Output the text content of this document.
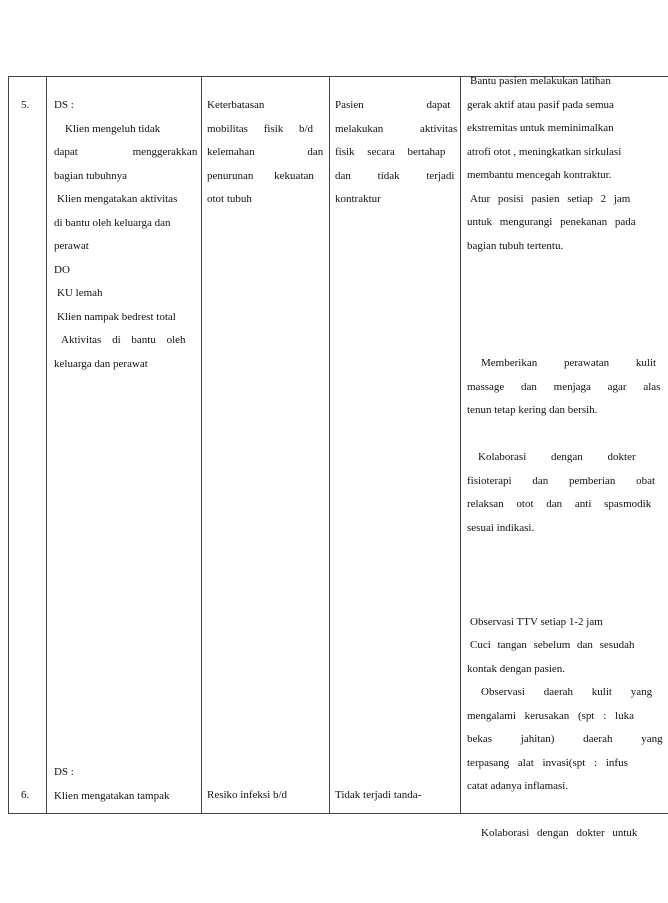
5. DS :

Klien mengeluh tidak

dapat menggerakkan

bagian tubuhnya

Klien mengatakan aktivitas

di bantu oleh keluarga dan

perawat

DO

KU lemah

Klien nampak bedrest total

Aktivitas di bantu oleh

keluarga dan perawat

Keterbatasan

mobilitas fisik b/d

kelemahan dan

penurunan kekuatan

otot tubuh

Pasien dapat

melakukan aktivitas

fisik secara bertahap

dan tidak terjadi

kontraktur

Bantu pasien melakukan latihan

gerak aktif atau pasif pada semua

ekstremitas untuk meminimalkan

atrofi otot , meningkatkan sirkulasi

membantu mencegah kontraktur.

Atur posisi pasien setiap 2 jam

untuk mengurangi penekanan pada

bagian tubuh tertentu.

Memberikan perawatan kulit

massage dan menjaga agar alas

tenun tetap kering dan bersih.

Kolaborasi dengan dokter

fisioterapi dan pemberian obat

relaksan otot dan anti spasmodik

sesuai indikasi.

Observasi TTV setiap 1-2 jam

Cuci tangan sebelum dan sesudah

kontak dengan pasien.

Observasi daerah kulit yang

mengalami kerusakan (spt : luka

bekas jahitan) daerah yang

terpasang alat invasi(spt : infus

catat adanya inflamasi.

Kolaborasi dengan dokter untuk

DS :

Klien mengatakan tampak

6.	Resiko infeksi b/d	Tidak terjadi tanda-
